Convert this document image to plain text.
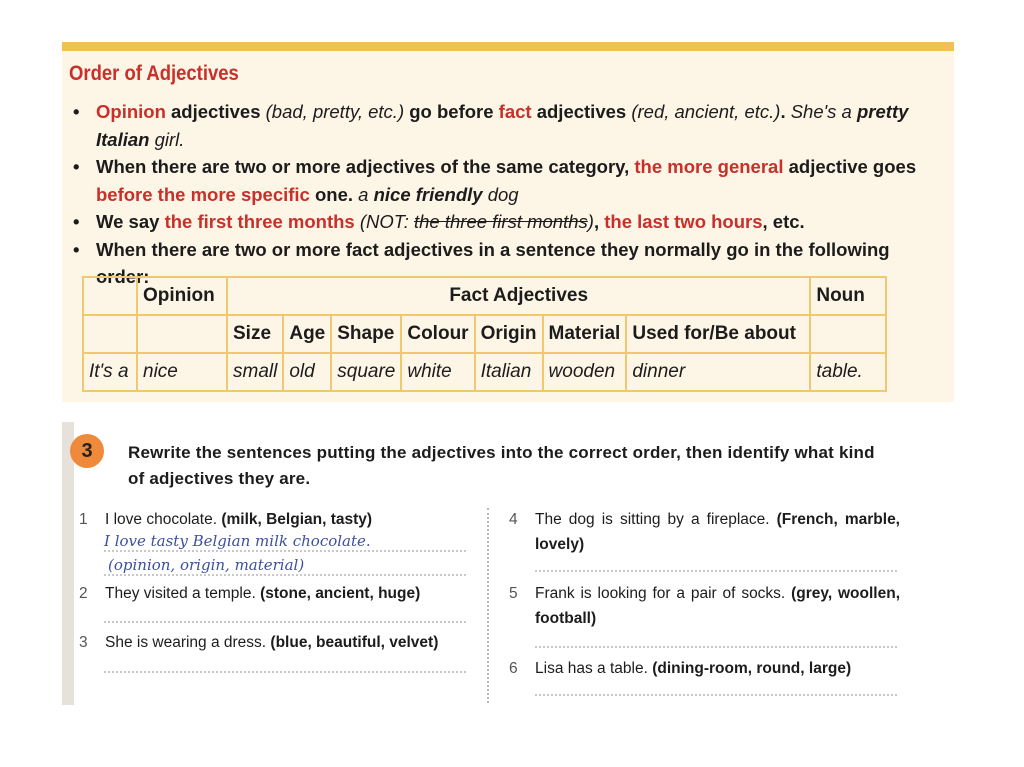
Order of Adjectives
• Opinion adjectives (bad, pretty, etc.) go before fact adjectives (red, ancient, etc.). She's a pretty Italian girl.
• When there are two or more adjectives of the same category, the more general adjective goes before the more specific one. a nice friendly dog
• We say the first three months (NOT: the three first months), the last two hours, etc.
• When there are two or more fact adjectives in a sentence they normally go in the following order:
	Opinion	Fact Adjectives							Noun
		Size	Age	Shape	Colour	Origin	Material	Used for/Be about	
It's a	nice	small	old	square	white	Italian	wooden	dinner	table.
3	Rewrite the sentences putting the adjectives into the correct order, then identify what kind of adjectives they are.
1 I love chocolate. (milk, Belgian, tasty)
I love tasty Belgian milk chocolate.
(opinion, origin, material)
2 They visited a temple. (stone, ancient, huge)
3 She is wearing a dress. (blue, beautiful, velvet)
4 The dog is sitting by a fireplace. (French, marble, lovely)
5 Frank is looking for a pair of socks. (grey, woollen, football)
6 Lisa has a table. (dining-room, round, large)
